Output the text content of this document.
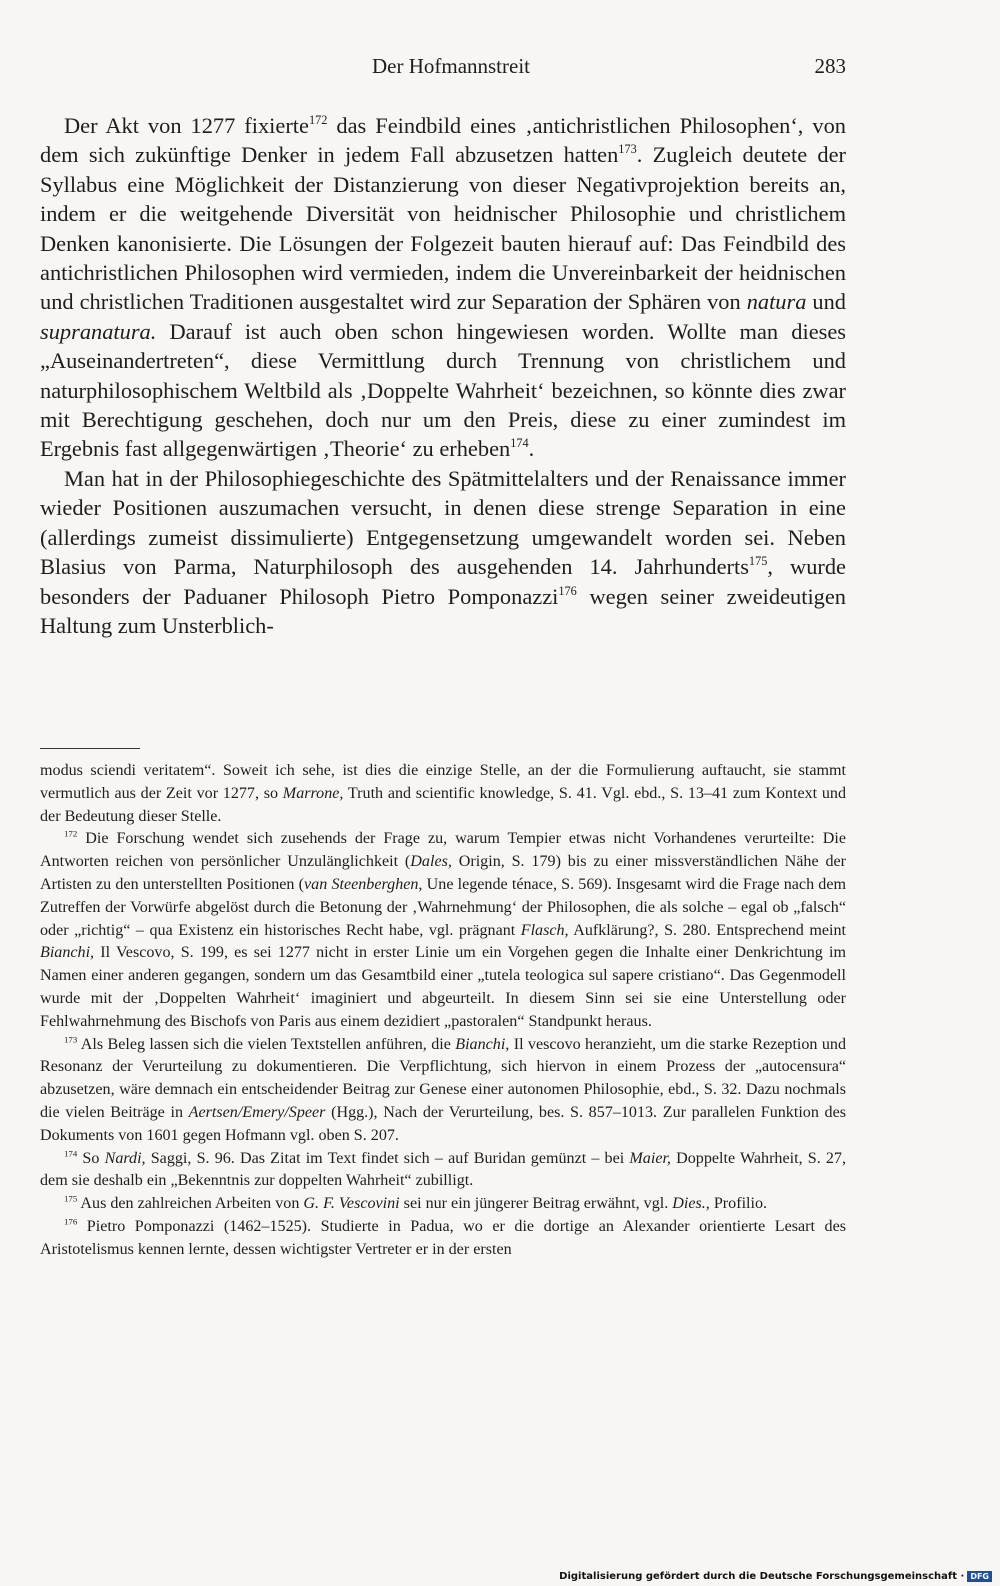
Der Hofmannstreit	283

Der Akt von 1277 fixierte$^{172}$ das Feindbild eines ‚antichristlichen Philosophen‘, von dem sich zukünftige Denker in jedem Fall abzusetzen hatten$^{173}$. Zugleich deutete der Syllabus eine Möglichkeit der Distanzierung von dieser Negativprojektion bereits an, indem er die weitgehende Diversität von heidnischer Philosophie und christlichem Denken kanonisierte. Die Lösungen der Folgezeit bauten hierauf auf: Das Feindbild des antichristlichen Philosophen wird vermieden, indem die Unvereinbarkeit der heidnischen und christlichen Traditionen ausgestaltet wird zur Separation der Sphären von natura und supranatura. Darauf ist auch oben schon hingewiesen worden. Wollte man dieses „Auseinandertreten“, diese Vermittlung durch Trennung von christlichem und naturphilosophischem Weltbild als ‚Doppelte Wahrheit‘ bezeichnen, so könnte dies zwar mit Berechtigung geschehen, doch nur um den Preis, diese zu einer zumindest im Ergebnis fast allgegenwärtigen ‚Theorie‘ zu erheben$^{174}$.

Man hat in der Philosophiegeschichte des Spätmittelalters und der Renaissance immer wieder Positionen auszumachen versucht, in denen diese strenge Separation in eine (allerdings zumeist dissimulierte) Entgegensetzung umgewandelt worden sei. Neben Blasius von Parma, Naturphilosoph des ausgehenden 14. Jahrhunderts$^{175}$, wurde besonders der Paduaner Philosoph Pietro Pomponazzi$^{176}$ wegen seiner zweideutigen Haltung zum Unsterblich-

modus sciendi veritatem“. Soweit ich sehe, ist dies die einzige Stelle, an der die Formulierung auftaucht, sie stammt vermutlich aus der Zeit vor 1277, so Marrone, Truth and scientific knowledge, S. 41. Vgl. ebd., S. 13–41 zum Kontext und der Bedeutung dieser Stelle.

$^{172}$ Die Forschung wendet sich zusehends der Frage zu, warum Tempier etwas nicht Vorhandenes verurteilte: Die Antworten reichen von persönlicher Unzulänglichkeit (Dales, Origin, S. 179) bis zu einer missverständlichen Nähe der Artisten zu den unterstellten Positionen (van Steenberghen, Une legende ténace, S. 569). Insgesamt wird die Frage nach dem Zutreffen der Vorwürfe abgelöst durch die Betonung der ‚Wahrnehmung‘ der Philosophen, die als solche – egal ob „falsch“ oder „richtig“ – qua Existenz ein historisches Recht habe, vgl. prägnant Flasch, Aufklärung?, S. 280. Entsprechend meint Bianchi, Il Vescovo, S. 199, es sei 1277 nicht in erster Linie um ein Vorgehen gegen die Inhalte einer Denkrichtung im Namen einer anderen gegangen, sondern um das Gesamtbild einer „tutela teologica sul sapere cristiano“. Das Gegenmodell wurde mit der ‚Doppelten Wahrheit‘ imaginiert und abgeurteilt. In diesem Sinn sei sie eine Unterstellung oder Fehlwahrnehmung des Bischofs von Paris aus einem dezidiert „pastoralen“ Standpunkt heraus.

$^{173}$ Als Beleg lassen sich die vielen Textstellen anführen, die Bianchi, Il vescovo heranzieht, um die starke Rezeption und Resonanz der Verurteilung zu dokumentieren. Die Verpflichtung, sich hiervon in einem Prozess der „autocensura“ abzusetzen, wäre demnach ein entscheidender Beitrag zur Genese einer autonomen Philosophie, ebd., S. 32. Dazu nochmals die vielen Beiträge in Aertsen/Emery/Speer (Hgg.), Nach der Verurteilung, bes. S. 857–1013. Zur parallelen Funktion des Dokuments von 1601 gegen Hofmann vgl. oben S. 207.

$^{174}$ So Nardi, Saggi, S. 96. Das Zitat im Text findet sich – auf Buridan gemünzt – bei Maier, Doppelte Wahrheit, S. 27, dem sie deshalb ein „Bekenntnis zur doppelten Wahrheit“ zubilligt.

$^{175}$ Aus den zahlreichen Arbeiten von G. F. Vescovini sei nur ein jüngerer Beitrag erwähnt, vgl. Dies., Profilio.

$^{176}$ Pietro Pomponazzi (1462–1525). Studierte in Padua, wo er die dortige an Alexander orientierte Lesart des Aristotelismus kennen lernte, dessen wichtigster Vertreter er in der ersten

Digitalisierung gefördert durch die Deutsche Forschungsgemeinschaft · DFG
